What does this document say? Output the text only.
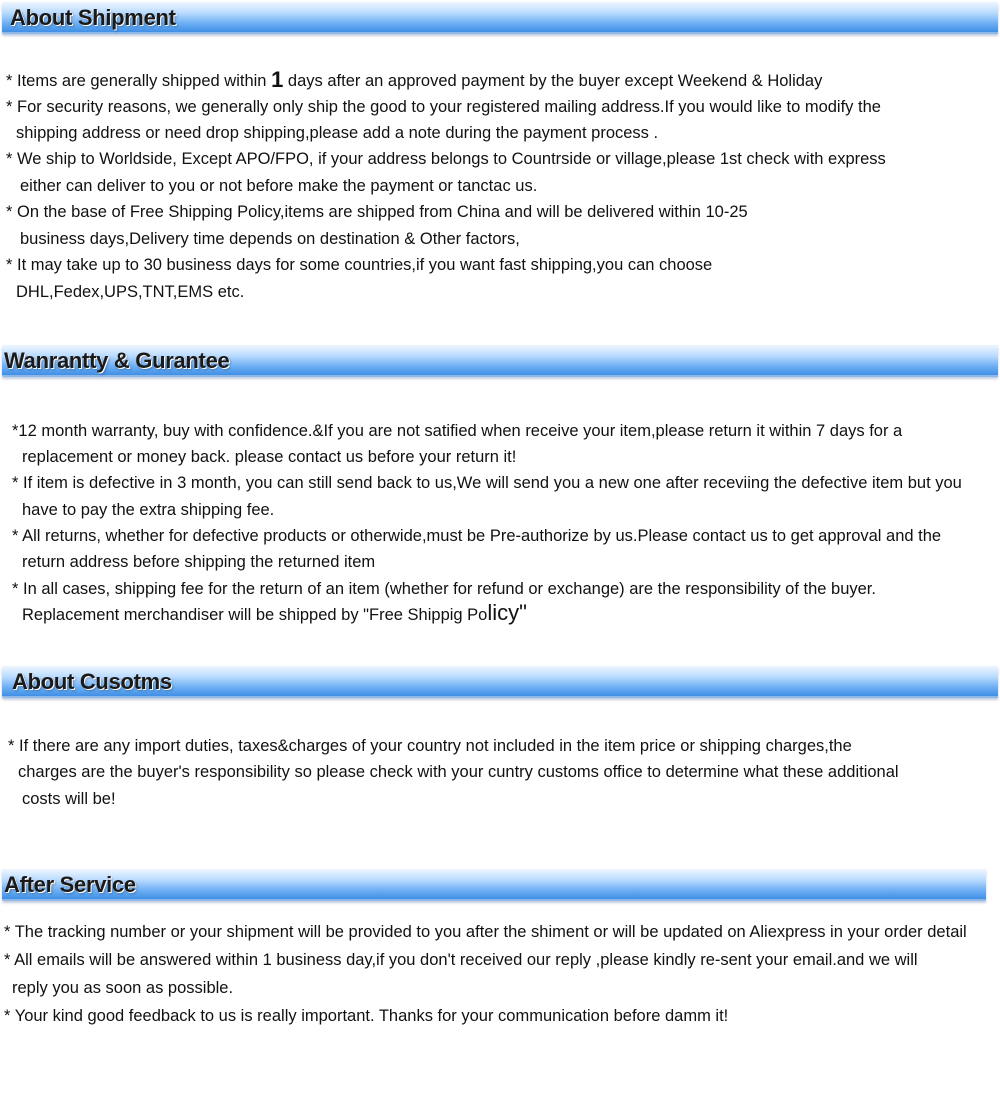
About Shipment
* Items are generally shipped within 1 days after an approved payment by the buyer except Weekend & Holiday
* For security reasons, we generally only ship the good to your registered mailing address.If you would like to modify the
shipping address or need drop shipping,please add a note during the payment process .
* We ship to Worldside, Except APO/FPO, if your address belongs to Countrside or village,please 1st check with express
either can deliver to you or not before make the payment or tanctac us.
* On the base of Free Shipping Policy,items are shipped from China and will be delivered within 10-25
business days,Delivery time depends on destination & Other factors,
* It may take up to 30 business days for some countries,if you want fast shipping,you can choose
DHL,Fedex,UPS,TNT,EMS etc.
Wanrantty & Gurantee
*12 month warranty, buy with confidence.&If you are not satified when receive your item,please return it within 7 days for a
replacement or money back. please contact us before your return it!
* If item is defective in 3 month, you can still send back to us,We will send you a new one after receviing the defective item but you
have to pay the extra shipping fee.
* All returns, whether for defective products or otherwide,must be Pre-authorize by us.Please contact us to get approval and the
return address before shipping the returned item
* In all cases, shipping fee for the return of an item (whether for refund or exchange) are the responsibility of the buyer.
Replacement merchandiser will be shipped by "Free Shippig Policy"
About Cusotms
* If there are any import duties, taxes&charges of your country not included in the item price or shipping charges,the
charges are the buyer's responsibility so please check with your cuntry customs office to determine what these additional
costs will be!
After Service
* The tracking number or your shipment will be provided to you after the shiment or will be updated on Aliexpress in your order detail
* All emails will be answered within 1 business day,if you don't received our reply ,please kindly re-sent your email.and we will
reply you as soon as possible.
* Your kind good feedback to us is really important. Thanks for your communication before damm it!
